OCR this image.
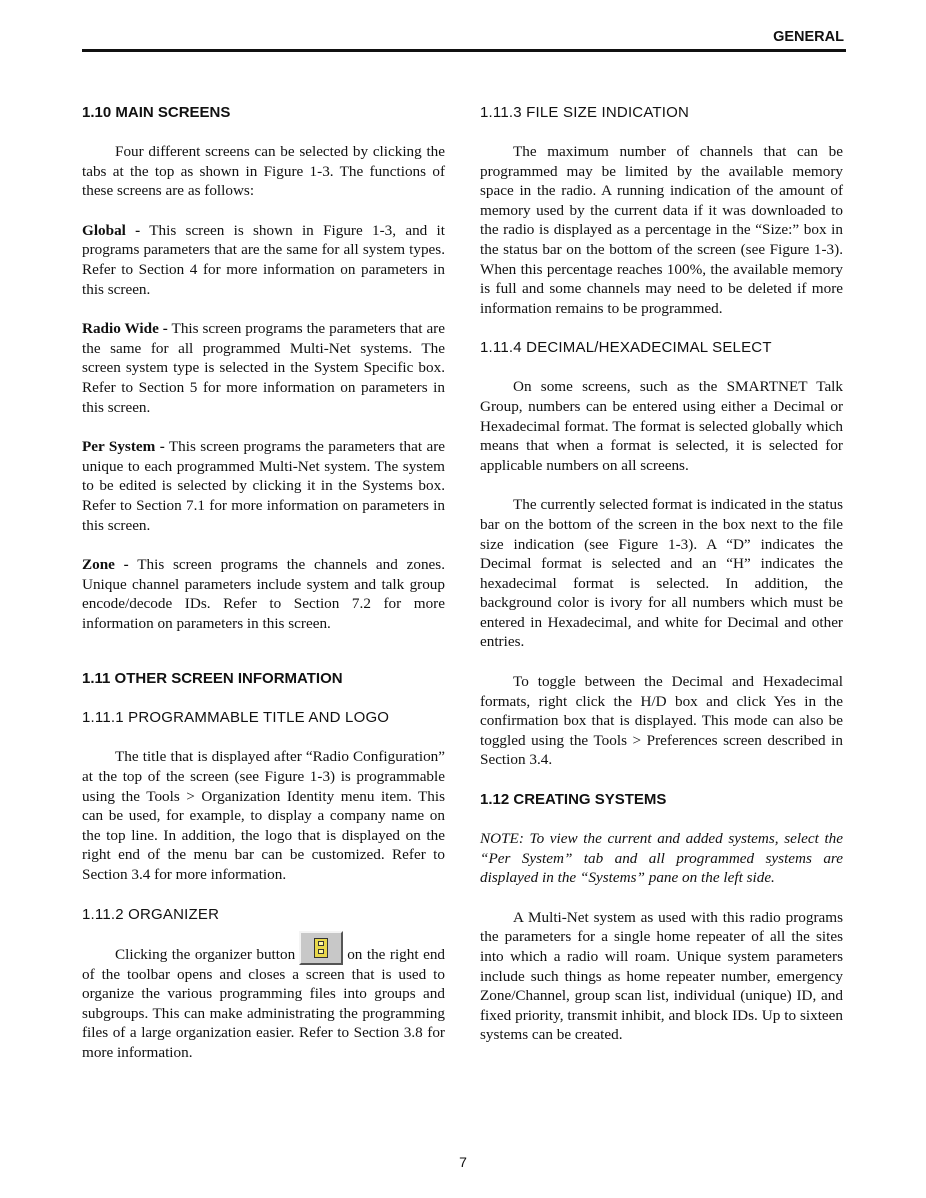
GENERAL

1.10 MAIN SCREENS

Four different screens can be selected by clicking the tabs at the top as shown in Figure 1-3. The functions of these screens are as follows:

Global - This screen is shown in Figure 1-3, and it programs parameters that are the same for all system types. Refer to Section 4 for more information on parameters in this screen.

Radio Wide - This screen programs the parameters that are the same for all programmed Multi-Net systems. The screen system type is selected in the System Specific box. Refer to Section 5 for more information on parameters in this screen.

Per System - This screen programs the parameters that are unique to each programmed Multi-Net system. The system to be edited is selected by clicking it in the Systems box. Refer to Section 7.1 for more information on parameters in this screen.

Zone - This screen programs the channels and zones. Unique channel parameters include system and talk group encode/decode IDs. Refer to Section 7.2 for more information on parameters in this screen.

1.11 OTHER SCREEN INFORMATION

1.11.1 PROGRAMMABLE TITLE AND LOGO

The title that is displayed after “Radio Configuration” at the top of the screen (see Figure 1-3) is programmable using the Tools > Organization Identity menu item. This can be used, for example, to display a company name on the top line. In addition, the logo that is displayed on the right end of the menu bar can be customized. Refer to Section 3.4 for more information.

1.11.2 ORGANIZER

Clicking the organizer button	on the right end of the toolbar opens and closes a screen that is used to organize the various programming files into groups and subgroups. This can make administrating the programming files of a large organization easier. Refer to Section 3.8 for more information.

1.11.3 FILE SIZE INDICATION

The maximum number of channels that can be programmed may be limited by the available memory space in the radio. A running indication of the amount of memory used by the current data if it was downloaded to the radio is displayed as a percentage in the “Size:” box in the status bar on the bottom of the screen (see Figure 1-3). When this percentage reaches 100%, the available memory is full and some channels may need to be deleted if more information remains to be programmed.

1.11.4 DECIMAL/HEXADECIMAL SELECT

On some screens, such as the SMARTNET Talk Group, numbers can be entered using either a Decimal or Hexadecimal format. The format is selected globally which means that when a format is selected, it is selected for applicable numbers on all screens.

The currently selected format is indicated in the status bar on the bottom of the screen in the box next to the file size indication (see Figure 1-3). A “D” indicates the Decimal format is selected and an “H” indicates the hexadecimal format is selected. In addition, the background color is ivory for all numbers which must be entered in Hexadecimal, and white for Decimal and other entries.

To toggle between the Decimal and Hexadecimal formats, right click the H/D box and click Yes in the confirmation box that is displayed. This mode can also be toggled using the Tools > Preferences screen described in Section 3.4.

1.12 CREATING SYSTEMS

NOTE: To view the current and added systems, select the “Per System” tab and all programmed systems are displayed in the “Systems” pane on the left side.

A Multi-Net system as used with this radio programs the parameters for a single home repeater of all the sites into which a radio will roam. Unique system parameters include such things as home repeater number, emergency Zone/Channel, group scan list, individual (unique) ID, and fixed priority, transmit inhibit, and block IDs. Up to sixteen systems can be created.

7
